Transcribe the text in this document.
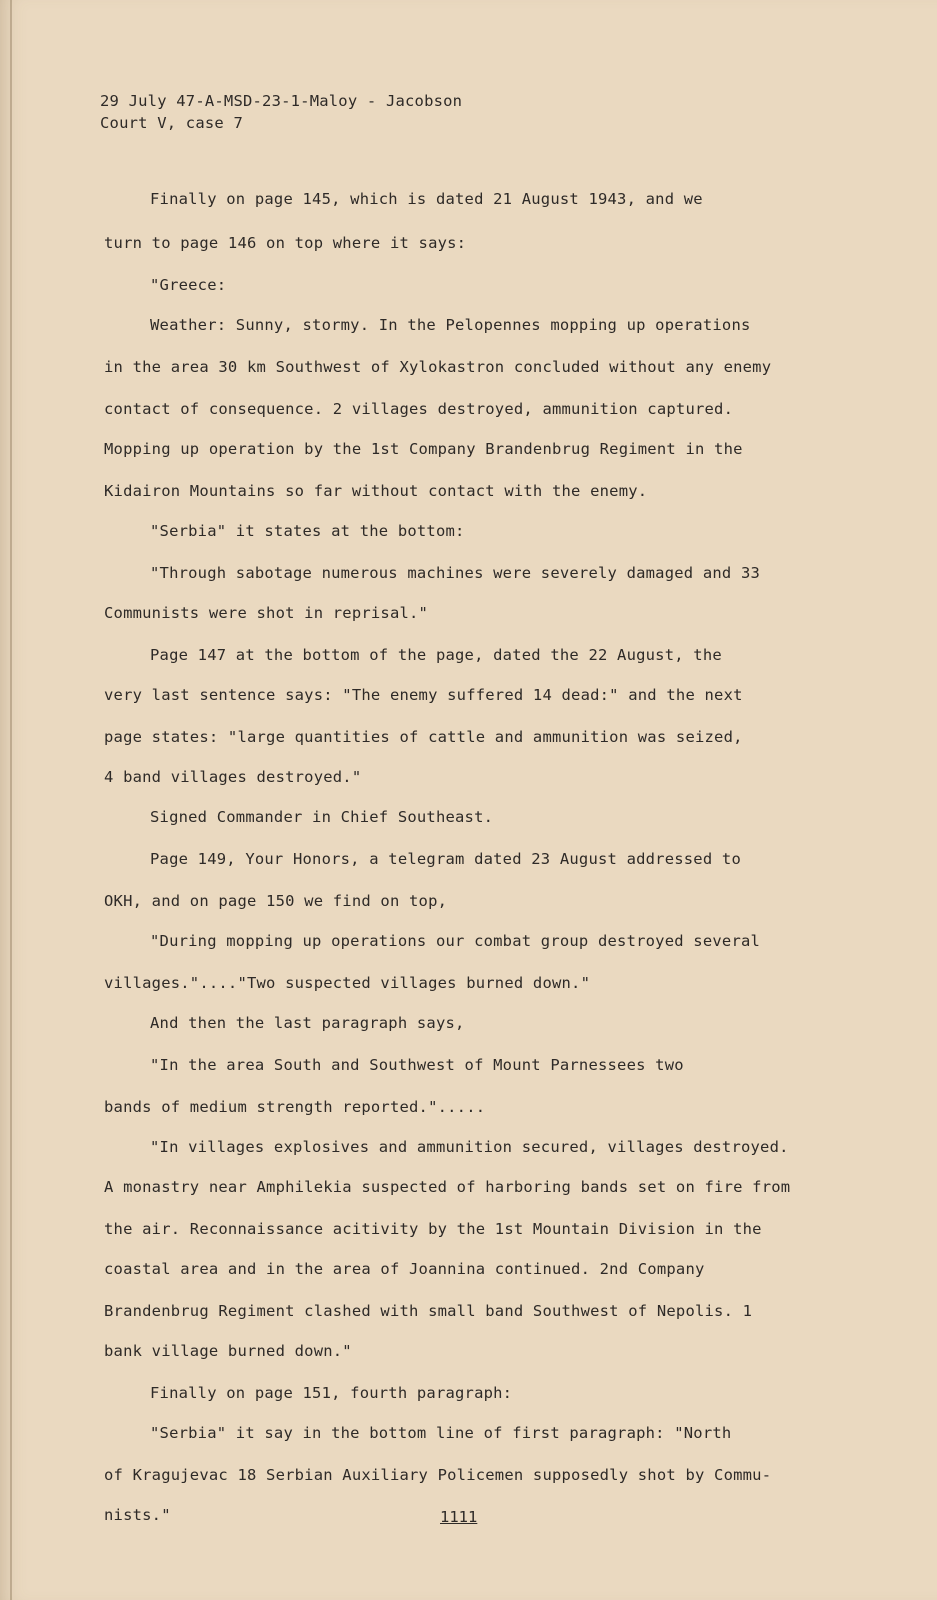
29 July 47-A-MSD-23-1-Maloy - Jacobson
Court V, case 7
Finally on page 145, which is dated 21 August 1943, and we
turn to page 146 on top where it says:
"Greece:
Weather: Sunny, stormy. In the Pelopennes mopping up operations
in the area 30 km Southwest of Xylokastron concluded without any enemy
contact of consequence. 2 villages destroyed, ammunition captured.
Mopping up operation by the 1st Company Brandenbrug Regiment in the
Kidairon Mountains so far without contact with the enemy.
"Serbia" it states at the bottom:
"Through sabotage numerous machines were severely damaged and 33
Communists were shot in reprisal."
Page 147 at the bottom of the page, dated the 22 August, the
very last sentence says: "The enemy suffered 14 dead:" and the next
page states: "large quantities of cattle and ammunition was seized,
4 band villages destroyed."
Signed Commander in Chief Southeast.
Page 149, Your Honors, a telegram dated 23 August addressed to
OKH, and on page 150 we find on top,
"During mopping up operations our combat group destroyed several
villages."...."Two suspected villages burned down."
And then the last paragraph says,
"In the area South and Southwest of Mount Parnessees two
bands of medium strength reported.".....
"In villages explosives and ammunition secured, villages destroyed.
A monastry near Amphilekia suspected of harboring bands set on fire from
the air. Reconnaissance acitivity by the 1st Mountain Division in the
coastal area and in the area of Joannina continued. 2nd Company
Brandenbrug Regiment clashed with small band Southwest of Nepolis. 1
bank village burned down."
Finally on page 151, fourth paragraph:
"Serbia" it say in the bottom line of first paragraph: "North
of Kragujevac 18 Serbian Auxiliary Policemen supposedly shot by Commu-
nists."	1111
